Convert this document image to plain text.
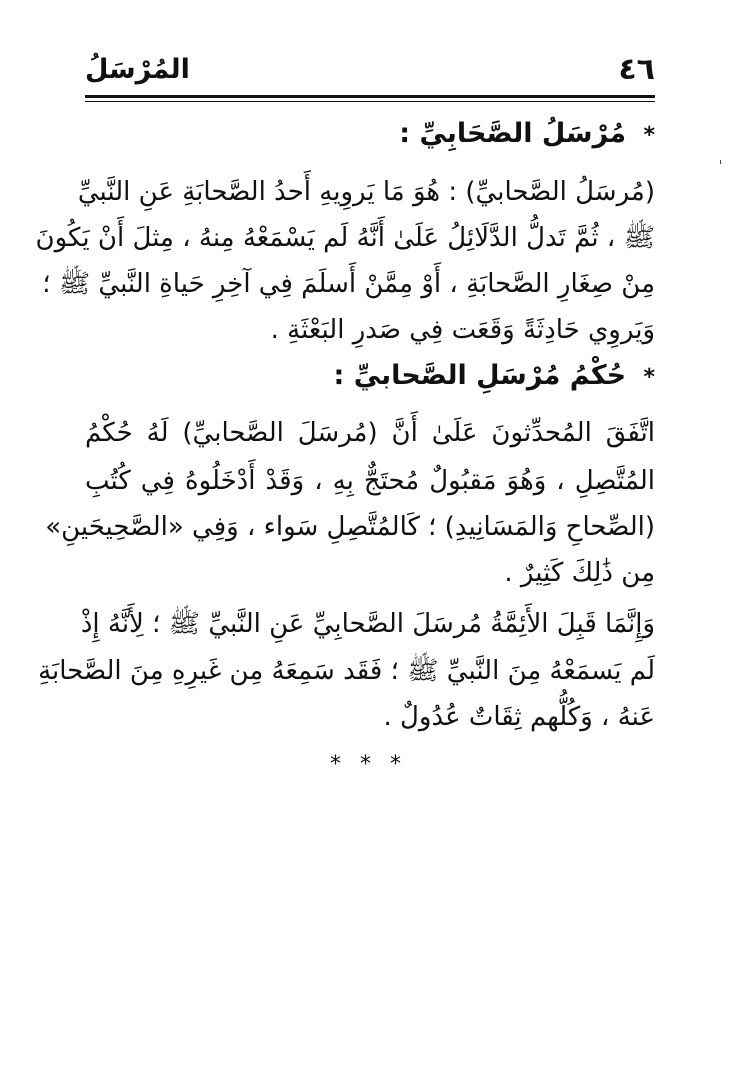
٤٦
المُرْسَلُ
* مُرْسَلُ الصَّحَابِيِّ :
(مُرسَلُ الصَّحابيِّ) : هُوَ مَا يَروِيهِ أَحدُ الصَّحابَةِ عَنِ النَّبيِّ
ﷺ ، ثُمَّ تَدلُّ الدَّلَائِلُ عَلَىٰ أَنَّهُ لَم يَسْمَعْهُ مِنهُ ، مِثلَ أَنْ يَكُونَ
مِنْ صِغَارِ الصَّحابَةِ ، أَوْ مِمَّنْ أَسلَمَ فِي آخِرِ حَياةِ النَّبيِّ ﷺ ؛
وَيَروِي حَادِثَةً وَقَعَت فِي صَدرِ البَعْثَةِ .
* حُكْمُ مُرْسَلِ الصَّحابيِّ :
اتَّفَقَ المُحدِّثونَ عَلَىٰ أَنَّ (مُرسَلَ الصَّحابيِّ) لَهُ حُكْمُ
المُتَّصِلِ ، وَهُوَ مَقبُولٌ مُحتَجٌّ بِهِ ، وَقَدْ أَدْخَلُوهُ فِي كُتُبِ
(الصِّحاحِ وَالمَسَانِيدِ) ؛ كَالمُتَّصِلِ سَواء ، وَفِي «الصَّحِيحَينِ»
مِن ذَٰلِكَ كَثِيرٌ .
وَإِنَّمَا قَبِلَ الأَئِمَّةُ مُرسَلَ الصَّحابِيِّ عَنِ النَّبيِّ ﷺ ؛ لِأَنَّهُ إِذْ
لَم يَسمَعْهُ مِنَ النَّبيِّ ﷺ ؛ فَقَد سَمِعَهُ مِن غَيرِهِ مِنَ الصَّحابَةِ
عَنهُ ، وَكُلُّهم ثِقَاتٌ عُدُولٌ .
* * *
